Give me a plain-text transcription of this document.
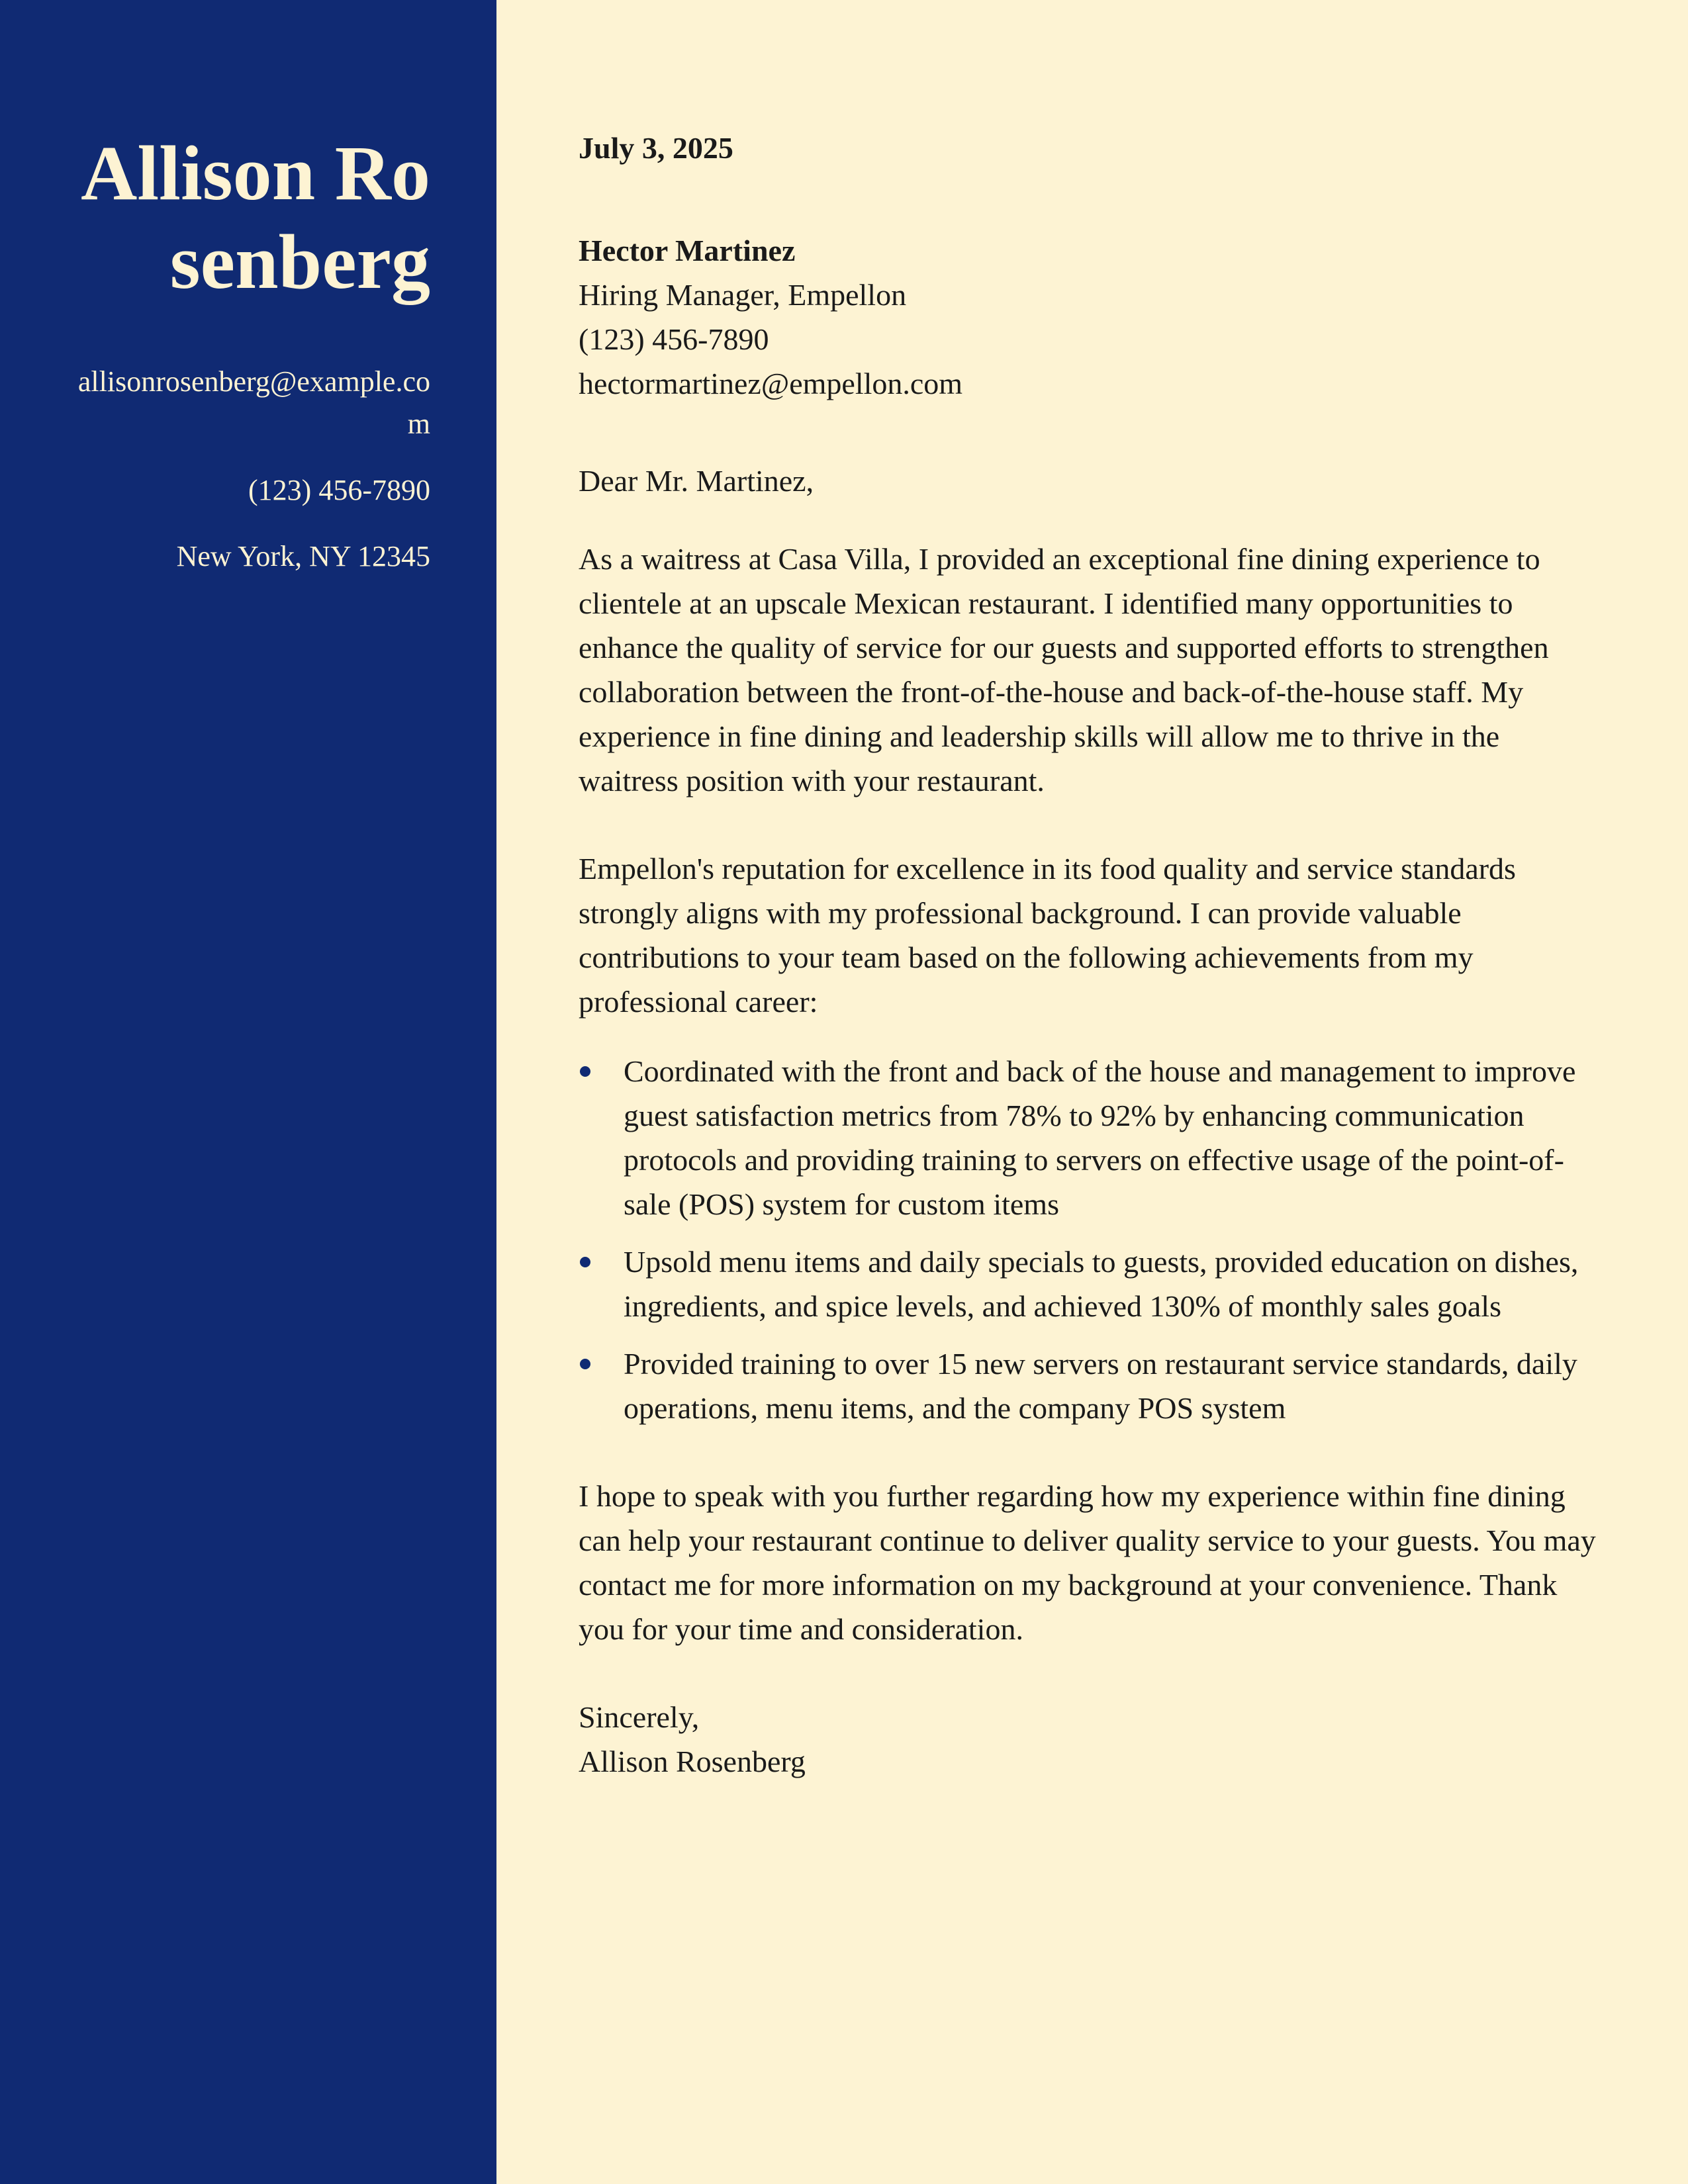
Allison Rosenberg

allisonrosenberg@example.com

(123) 456-7890

New York, NY 12345

July 3, 2025

Hector Martinez

Hiring Manager, Empellon

(123) 456-7890

hectormartinez@empellon.com

Dear Mr. Martinez,

As a waitress at Casa Villa, I provided an exceptional fine dining experience to clientele at an upscale Mexican restaurant. I identified many opportunities to enhance the quality of service for our guests and supported efforts to strengthen collaboration between the front-of-the-house and back-of-the-house staff. My experience in fine dining and leadership skills will allow me to thrive in the waitress position with your restaurant.

Empellon's reputation for excellence in its food quality and service standards strongly aligns with my professional background. I can provide valuable contributions to your team based on the following achievements from my professional career:

Coordinated with the front and back of the house and management to improve guest satisfaction metrics from 78% to 92% by enhancing communication protocols and providing training to servers on effective usage of the point-of-sale (POS) system for custom items
Upsold menu items and daily specials to guests, provided education on dishes, ingredients, and spice levels, and achieved 130% of monthly sales goals
Provided training to over 15 new servers on restaurant service standards, daily operations, menu items, and the company POS system

I hope to speak with you further regarding how my experience within fine dining can help your restaurant continue to deliver quality service to your guests. You may contact me for more information on my background at your convenience. Thank you for your time and consideration.

Sincerely,

Allison Rosenberg
